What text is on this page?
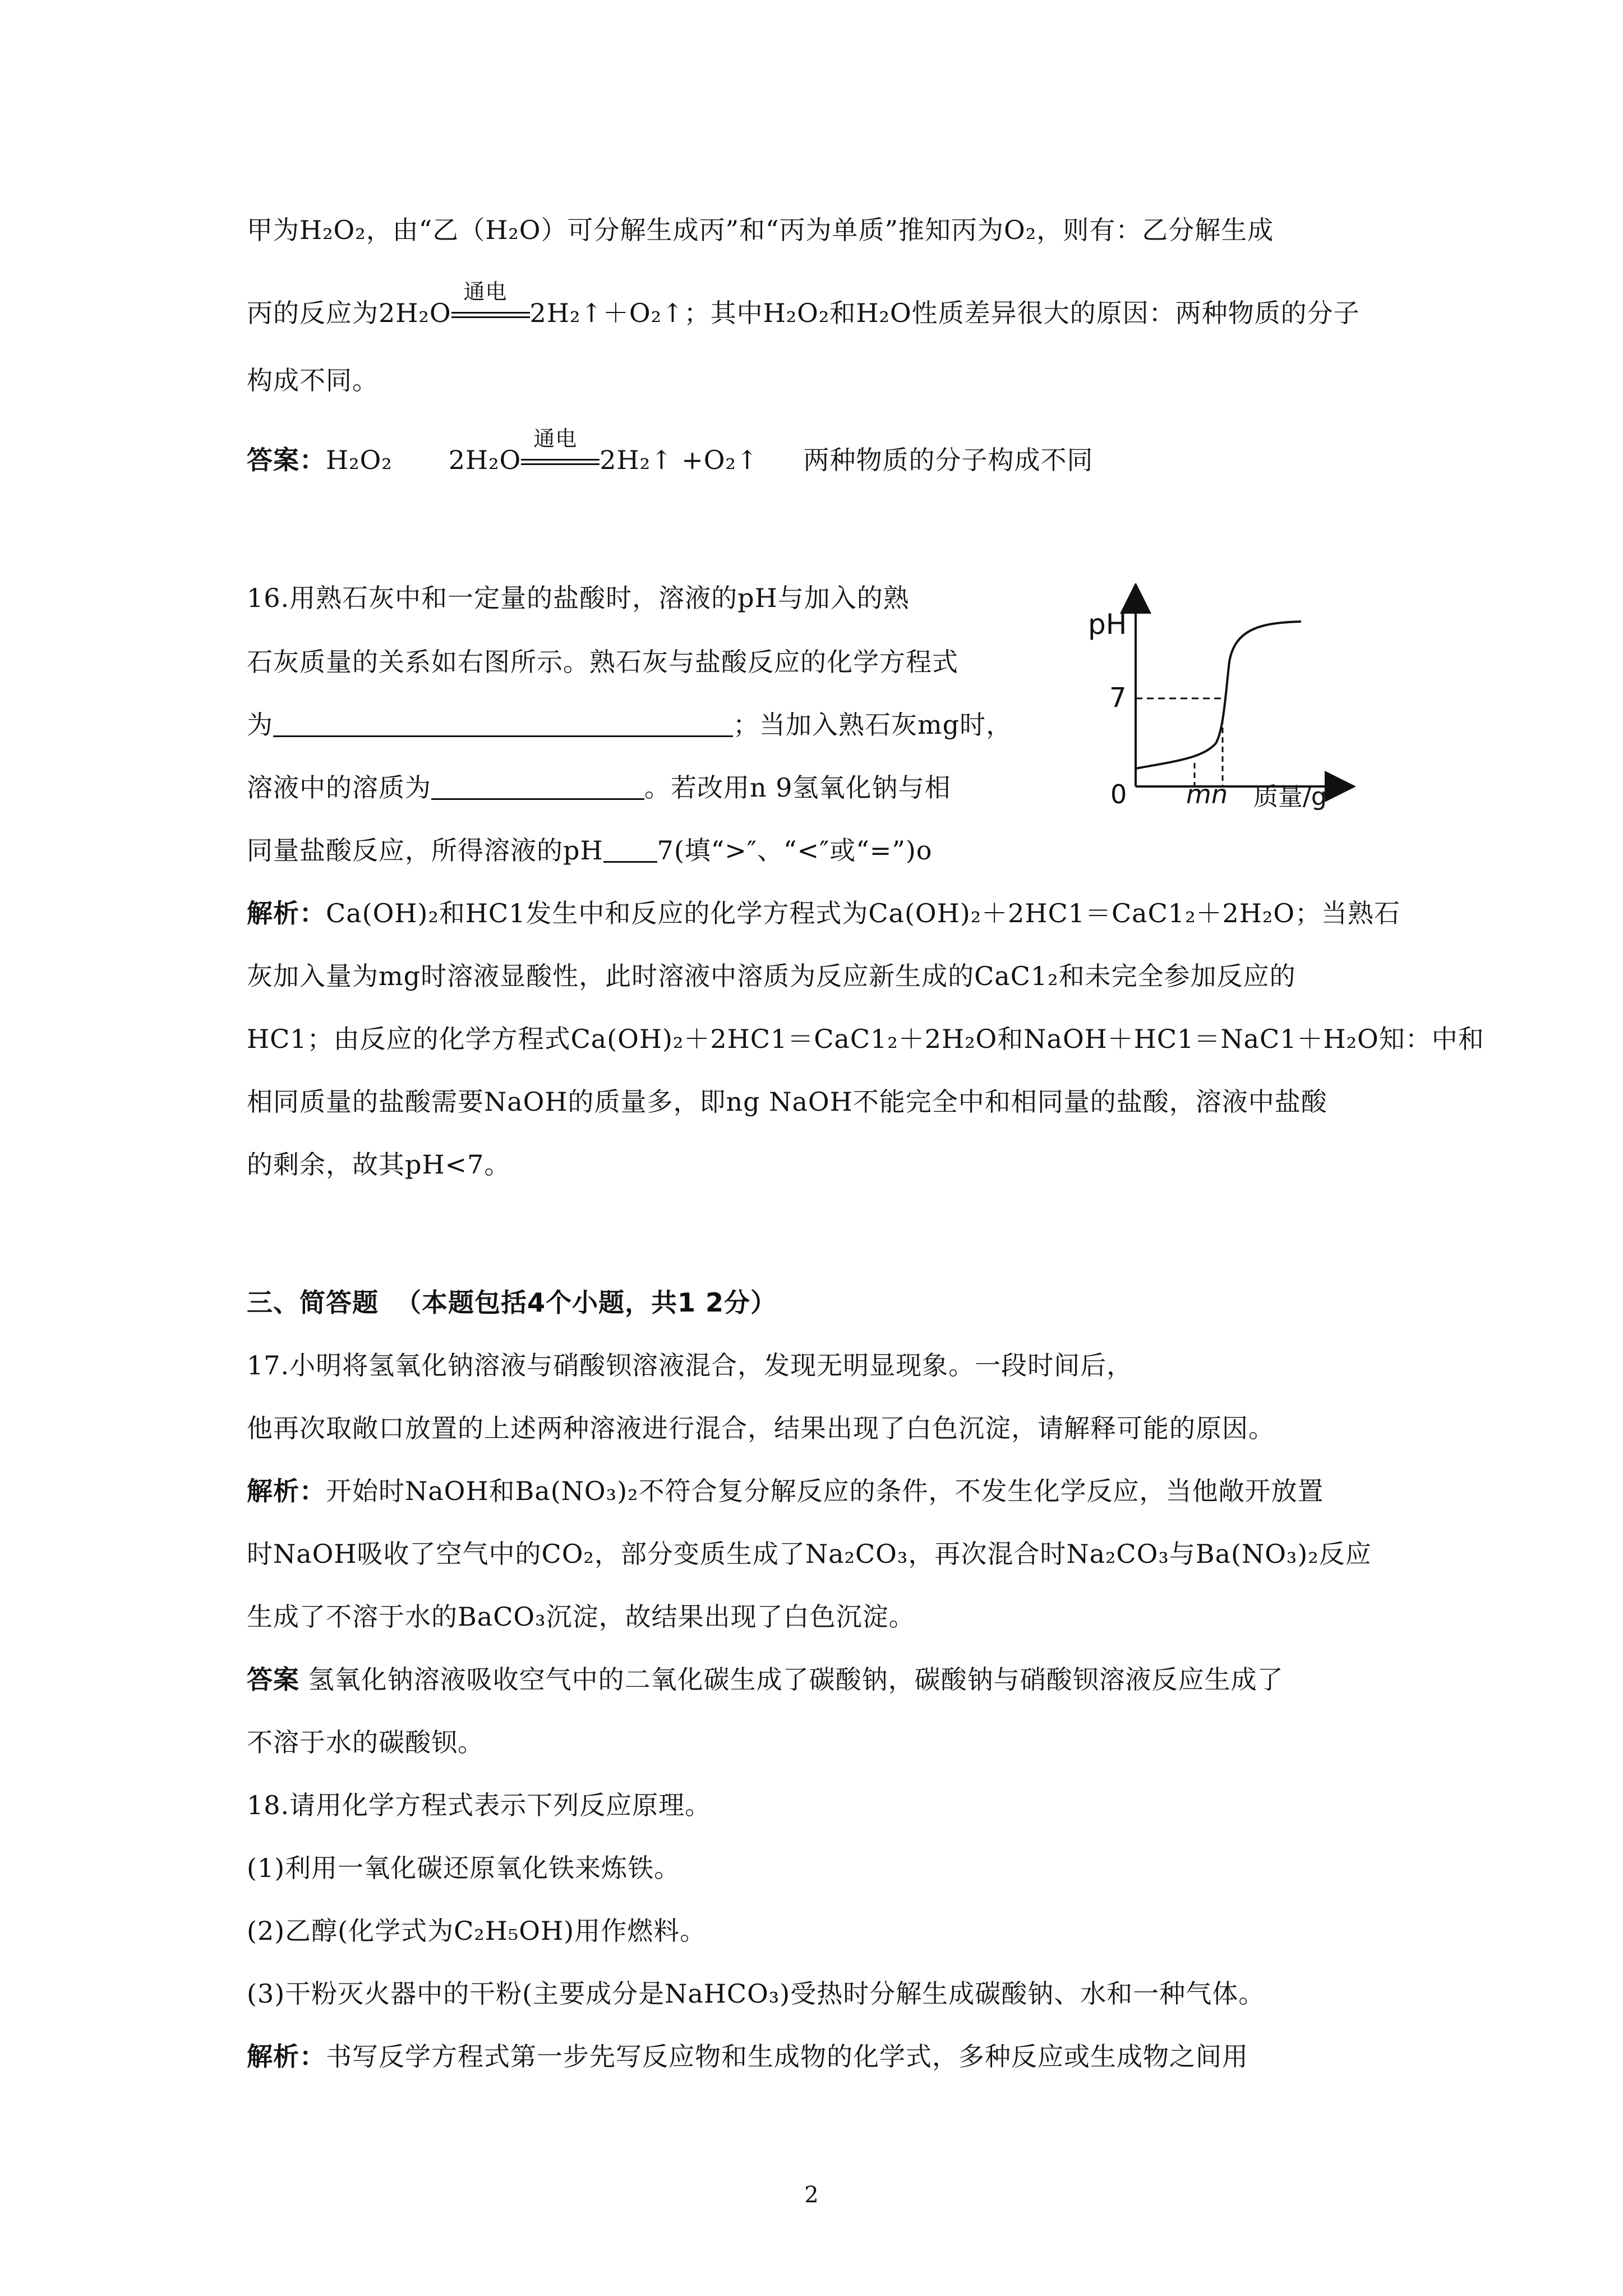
甲为H₂O₂，由“乙（H₂O）可分解生成丙”和“丙为单质”推知丙为O₂，则有：乙分解生成
丙的反应为2H₂O
通电
2H₂↑＋O₂↑；其中H₂O₂和H₂O性质差异很大的原因：两种物质的分子
构成不同。
答案：H₂O₂ 2H₂O
通电
2H₂↑ +O₂↑ 两种物质的分子构成不同
16.用熟石灰中和一定量的盐酸时，溶液的pH与加入的熟
石灰质量的关系如右图所示。熟石灰与盐酸反应的化学方程式
为	；当加入熟石灰mg时，
溶液中的溶质为	。若改用n 9氢氧化钠与相
同量盐酸反应，所得溶液的pH 7(填“>″、“<″或“=”)o
pH
7
0 m n 质量/g
解析：Ca(OH)₂和HC1发生中和反应的化学方程式为Ca(OH)₂＋2HC1＝CaC1₂＋2H₂O；当熟石
灰加入量为mg时溶液显酸性，此时溶液中溶质为反应新生成的CaC1₂和未完全参加反应的
HC1；由反应的化学方程式Ca(OH)₂＋2HC1＝CaC1₂＋2H₂O和NaOH＋HC1＝NaC1＋H₂O知：中和
相同质量的盐酸需要NaOH的质量多，即ng NaOH不能完全中和相同量的盐酸，溶液中盐酸
的剩余，故其pH<7。
三、简答题 （本题包括4个小题，共1 2分）
17.小明将氢氧化钠溶液与硝酸钡溶液混合，发现无明显现象。一段时间后，
他再次取敞口放置的上述两种溶液进行混合，结果出现了白色沉淀，请解释可能的原因。
解析：开始时NaOH和Ba(NO₃)₂不符合复分解反应的条件，不发生化学反应，当他敞开放置
时NaOH吸收了空气中的CO₂，部分变质生成了Na₂CO₃，再次混合时Na₂CO₃与Ba(NO₃)₂反应
生成了不溶于水的BaCO₃沉淀，故结果出现了白色沉淀。
答案 氢氧化钠溶液吸收空气中的二氧化碳生成了碳酸钠，碳酸钠与硝酸钡溶液反应生成了
不溶于水的碳酸钡。
18.请用化学方程式表示下列反应原理。
(1)利用一氧化碳还原氧化铁来炼铁。
(2)乙醇(化学式为C₂H₅OH)用作燃料。
(3)干粉灭火器中的干粉(主要成分是NaHCO₃)受热时分解生成碳酸钠、水和一种气体。
解析：书写反学方程式第一步先写反应物和生成物的化学式，多种反应或生成物之间用
2
